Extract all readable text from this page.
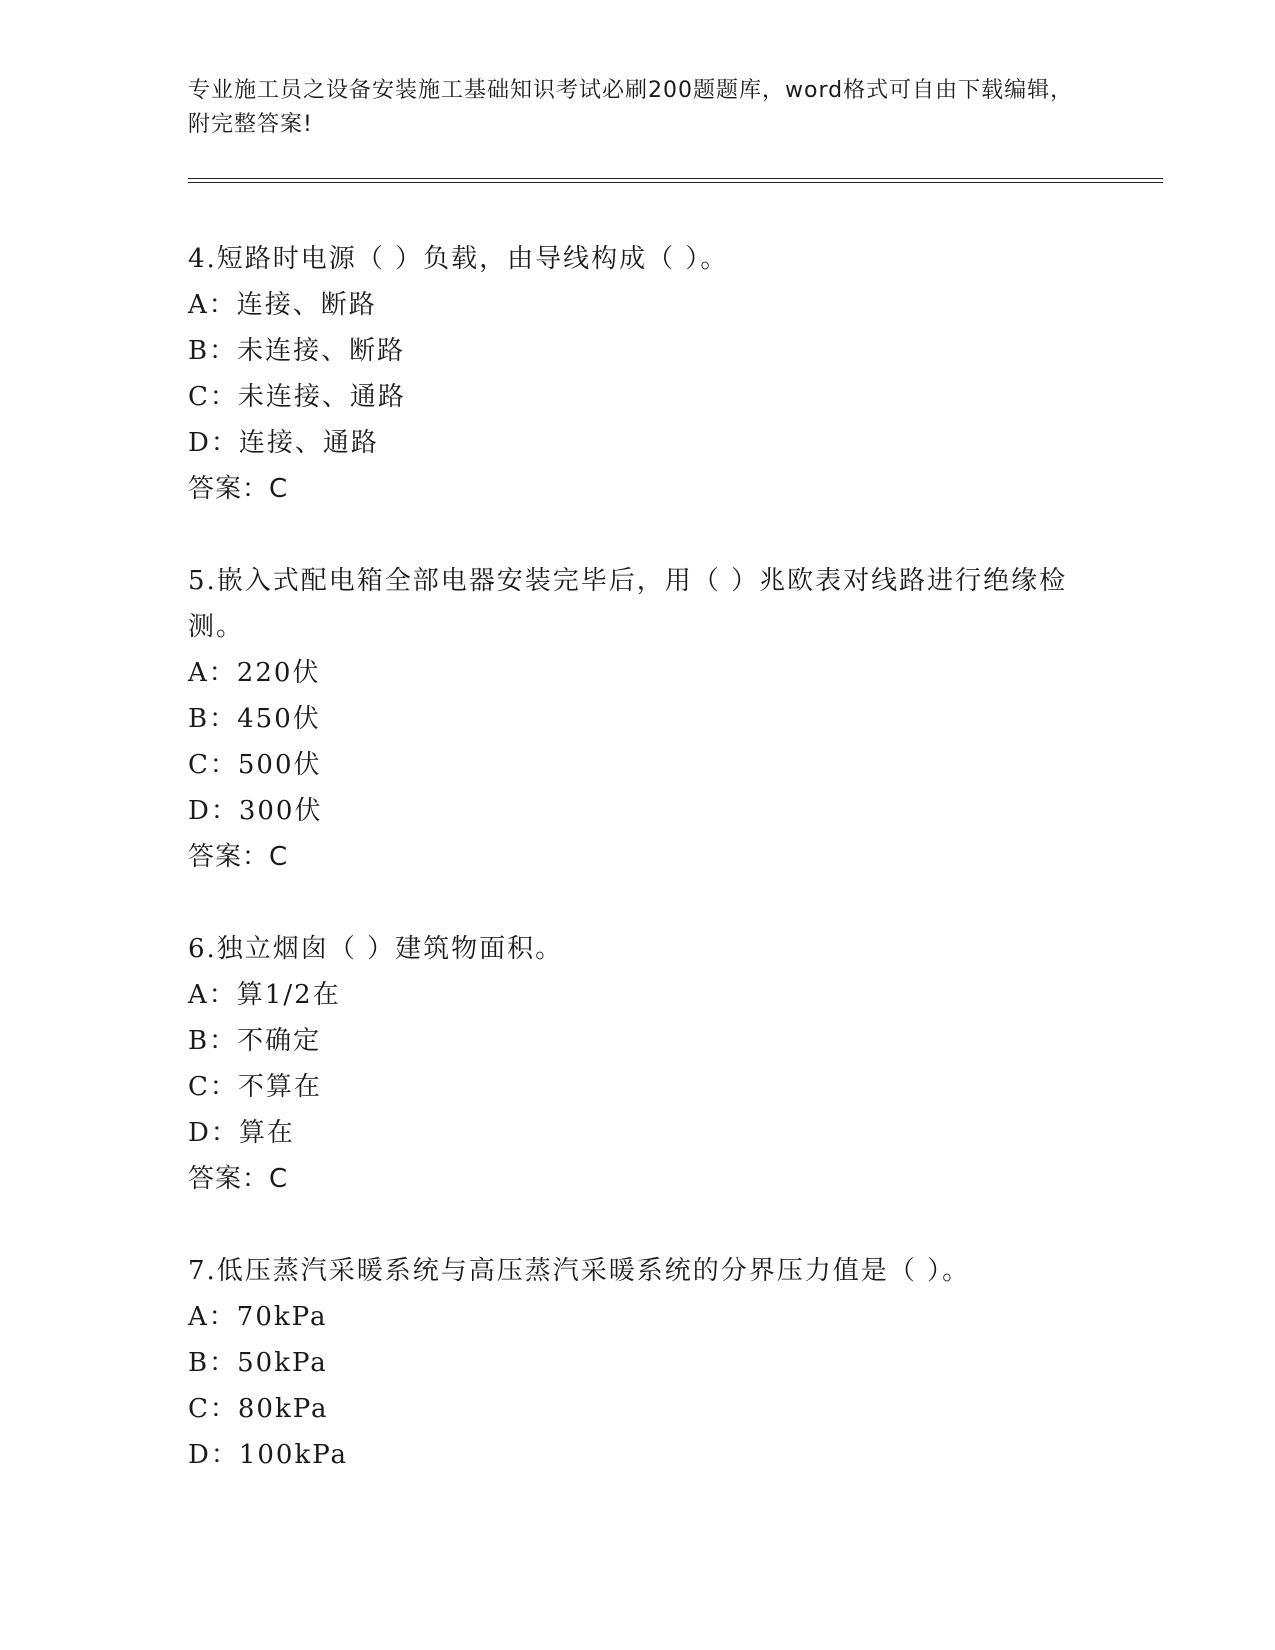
专业施工员之设备安装施工基础知识考试必刷200题题库，word格式可自由下载编辑，附完整答案!
4.短路时电源（ ）负载，由导线构成（ ）。
A：连接、断路
B：未连接、断路
C：未连接、通路
D：连接、通路
答案：C
5.嵌入式配电箱全部电器安装完毕后，用（ ）兆欧表对线路进行绝缘检测。
A：220伏
B：450伏
C：500伏
D：300伏
答案：C
6.独立烟囱（ ）建筑物面积。
A：算1/2在
B：不确定
C：不算在
D：算在
答案：C
7.低压蒸汽采暖系统与高压蒸汽采暖系统的分界压力值是（ ）。
A：70kPa
B：50kPa
C：80kPa
D：100kPa
